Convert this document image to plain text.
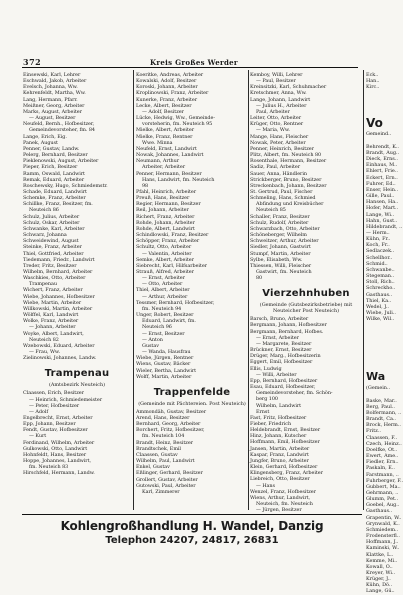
372	Kreis Großes Werder
Einsewski, Karl, Lehrer
Eschwald, Jakob, Arbeiter
Evelsch, Johanna, Ww.
Kehrenfeldt, Martha, Ww.
Lang, Hermann, Pfarr.
Meißner, Georg, Arbeiter
Marks, August, Arbeiter
— August, Besitzer
Neufeld, Bernh., Hofbesitzer,
Gemeindevorsteher, fm. 84
Lange, Erich, Eig.
Panek, August
Penner, Gustav, Landw.
Pelerg, Bernhard, Besitzer
Pieklenowski, August, Arbeiter
Pieper, Erich, Besitzer
Ramm, Oswald, Landwirt
Remak, Eduard, Arbeiter
Roschewsky, Hugo, Schmiedemstr.
Schade, Eduard, Landwirt
Schemke, Franz, Arbeiter
Schillke, Franz, Besitzer, fm.
Neuteich 86
Schulz, Julius, Arbeiter
Schulz, Oskar, Arbeiter
Schwanke, Karl, Arbeiter
Schwarz, Johanna
Schweidewind, August
Steinke, Franz, Arbeiter
Thiel, Gottfried, Arbeiter
Tiedemann, Friedr., Landwirt
Treder, Fritz, Besitzer
Wilhelm, Bernhard, Arbeiter
Waschkies, Otto, Arbeiter
Trampenau
Wichert, Franz, Arbeiter
Wiebe, Johannes, Hofbesitzer
Wiebe, Martin, Arbeiter
Willkowski, Martin, Arbeiter
Wölffel, Karl, Landwirt
Wolke, Franz, Arbeiter
— Johann, Arbeiter
Woyke, Albert, Landwirt,
Neuteich 82
Wzebowski, Eduard, Arbeiter
— Frau, Ww.
Zielinowski, Johannes, Landw.
Trampenau
(Amtsbezirk Neuteich)
Claassen, Erich, Besitzer
— Heinrich, Schmiedemeister
— Peter, Hofbesitzer
— Adolf
Engelbrecht, Ernst, Arbeiter
Epp, Johann, Besitzer
Fendt, Gustav, Hofbesitzer
— Kurt
Ferdinand, Wilhelm, Arbeiter
Gulkowski, Otto, Landwirt
Hohnfeldt, Hans, Besitzer
Hoppe, Johannes, Landwirt,
fm. Neuteich 83
Hirschfeld, Hermann, Landw.
Koeritke, Andreas, Arbeiter
Kowalski, Adolf, Besitzer
Koroski, Johann, Arbeiter
Kroplinowski, Franz, Arbeiter
Kunerke, Franz, Arbeiter
Lecke, Albert, Besitzer
— Adolf, Besitzer
Lücke, Hedwig, Ww., Gemeinde-
vorsteherin, fm. Neuteich 95
Mielke, Albert, Arbeiter
Mielke, Franz, Rentner
Wwe. Minna
Neufeld, Ernst, Landwirt
Nowak, Johannes, Landwirt
Neumann, Arthur
Arbeiter, Arbeiter
Penner, Hermann, Besitzer
Hans, Landwirt, fm. Neuteich
98
Pfahl, Heinrich, Arbeiter
Preuß, Hans, Besitzer
Regier, Hermann, Besitzer
Reil, Johann, Arbeiter
Richert, Franz, Arbeiter
Rohde, Johann, Arbeiter
Rohde, Albert, Landwirt
Schindlowski, Franz, Besitzer
Schöpper, Franz, Arbeiter
Schultz, Otto, Arbeiter
— Valentin, Arbeiter
Semke, Albert, Arbeiter
Siebrecht, Karl, Hilfsarbeiter
Strauß, Alfred, Arbeiter
— Ernst, Arbeiter
— Otto, Arbeiter
Thiel, Albert, Arbeiter
— Arthur, Arbeiter
Tessmer, Bernhard, Hofbesitzer,
fm. Neuteich 94
Unger, Robert, Besitzer
Eduard, Landwirt, fm.
Neuteich 96
— Ernst, Besitzer
— Anton
Gustav
— Wanda, Hausfrau
Wiebe, Jürgen, Rentner
Wiens, Gustav, Bäcker
Wieler, Bertha, Landwirt
Wolff, Martin, Arbeiter
Trappenfelde
(Gemeinde mit Pächtereien. Post Neuteich)
Ammondäh, Gustav, Besitzer
Arend, Hans, Besitzer
Bernhard, Georg, Arbeiter
Borchert, Fritz, Hofbesitzer,
fm. Neuteich 104
Brandt, Heinz, Besitzer
Brandtschek, Emil
Claassen, Gustav
Wilhelm, Paul, Landwirt
Enkel, Gustav
Eßlinger, Gerhard, Besitzer
Grollert, Gustav, Arbeiter
Gutowski, Paul, Arbeiter
Karl, Zimmerer
Kemboy, Willi, Lehrer
— Paul, Besitzer
Kreinsitzki, Karl, Schuhmacher
Kretschmer, Anna, Ww.
Lange, Johann, Landwirt
— Julius H., Arbeiter
Paul, Arbeiter
Leiter, Otto, Arbeiter
Krüger, Otto, Rentner
— Maria, Ww.
Mange, Hans, Fleischer
Nowak, Peter, Arbeiter
Penner, Heinrich, Besitzer
Plitz, Albert, fm. Neuteich 80
Rosenthale, Hermann, Besitzer
Sadiz, Paul, Arbeiter
Sauer, Anna, Händlerin
Strickberger, Bruno, Besitzer
Streckenbach, Johann, Besitzer
St. Gertrud, Paul, Fischer
Schmeling, Hans, Schmied
Abfindung und Kreisbücher
Neuteich 85
Schaller, Franz, Besitzer
Schulz, Rudolf, Arbeiter
Schwarzbach, Otto, Arbeiter
Schöneberger, Wilhelm
Schweitzer, Arthur, Arbeiter
Siedler, Johann, Gastwirt
Stumpf, Martin, Arbeiter
Sylbe, Elisabeth, Ww.
Thiessen, Willi, Fleischer
Gastwirt, fm. Neuteich
80
Vierzehnhuben
(Gemeinde (Gutsbezirksbetriebe) mit Neuteicher Post Neuteich)
Barsch, Bruno, Arbeiter
Bergmann, Johann, Hofbesitzer
Bergmann, Bernhard, Hofbes.
— Ernst, Arbeiter
— Margarete, Besitzer
Brückner, Ernst, Besitzer
Drüger, Marg., Hofbesitzerin
Eggert, Emil, Hofbesitzer
Ellis, Ludwig
— Willi, Arbeiter
Epp, Bernhard, Hofbesitzer
Esau, Eduard, Hofbesitzer,
Gemeindevorsteher, fm. Schön-
berg 100
Wilhelm, Landwirt
Ernst
Fast, Fritz, Hofbesitzer
Fieber, Friedrich
Heldebrandt, Ernst, Besitzer
Hinz, Johann, Kutscher
Hoffmann, Emil, Hofbesitzer
Jansen, Martin, Arbeiter
Kaspar, Franz, Landwirt
Jungfer, Bruno, Arbeiter
Klein, Gerhard, Hofbesitzer
Klingensberg, Franz, Arbeiter
Liebreich, Otto, Besitzer
— Hans
Wenzel, Franz, Hofbesitzer
Wiens, Arthur, Landwirt,
Neuteich, fm. Neuteich
— Jürgen, Besitzer
Eck..
Han..
Kirc..
Vo
Gemeind..

Behrendt, K..
Brandt, Aug..
Dieck, Erns..
Einhaus, M..
Ehlert, Frie..
Eckert, Ern..
Fuhrer, Ed..
Enser, Hein..
Gille, Paul..
Hansen, Ha..
Hofer, Mart..
Lange, Wi..
Hahn, Gust..
Hildebrandt, ..
— Herm..
Kühn, Fr..
Koch, Fr..
Sedlaczek..
Schellhor..
Schmid..
Schwanbe..
Stegeman..
Stoll, Rich..
Schreckho..
Gasthaus..
Thiel, Ka..
Wedel, J..
Wiebe, Juli..
Wilke, Wil..
Wa
(Gemein..

Baske, Mar..
Berg, Paul..
Bolfermann, ..
Brandt, Ca..
Brock, Herm..
Fritz..
Claassen, F..
Czech, Heinz..
Doelfke, Ot..
Ewert, Ame..
Fiedler, Ern..
Paskaln, E..
Farstmann, ..
Fuhrberger, F..
Gubbert, Ma..
Gehrmann, ..
Glumm, Pet..
Goebel, Aug..
Gasthaus..
Grapentin, W..
Grynwald, K..
Schmiedem..
Frodensterfl..
Hoffmann, J..
Kaminski, W..
Klattke, L..
Kemme, Mi..
Kowall, O..
Kreyer, Wi..
Krüger, J..
Kühn, Dö..
Lange, Gü..
Kohlengroßhandlung H. Wandel, Danzig
Telephon 24207, 24817, 26831
